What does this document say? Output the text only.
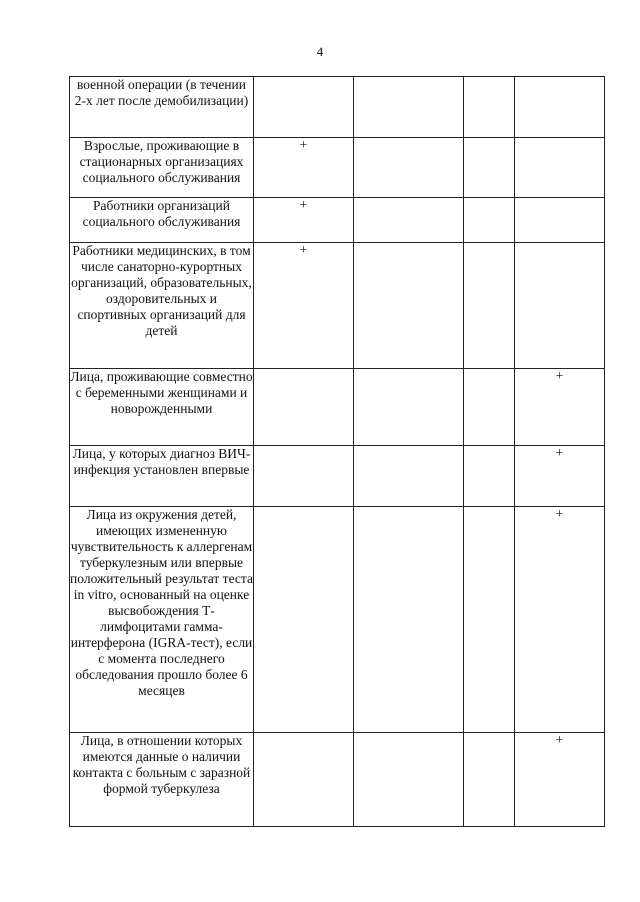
4
военной операции (в течении 2-х лет после демобилизации)				
Взрослые, проживающие в стационарных организациях социального обслуживания	+			
Работники организаций социального обслуживания	+			
Работники медицинских, в том числе санаторно-курортных организаций, образовательных, оздоровительных и спортивных организаций для детей	+			
Лица, проживающие совместно с беременными женщинами и новорожденными				+
Лица, у которых диагноз ВИЧ-инфекция установлен впервые				+
Лица из окружения детей, имеющих измененную чувствительность к аллергенам туберкулезным или впервые положительный результат теста in vitro, основанный на оценке высвобождения Т-лимфоцитами гамма-интерферона (IGRA-тест), если с момента последнего обследования прошло более 6 месяцев				+
Лица, в отношении которых имеются данные о наличии контакта с больным с заразной формой туберкулеза				+
